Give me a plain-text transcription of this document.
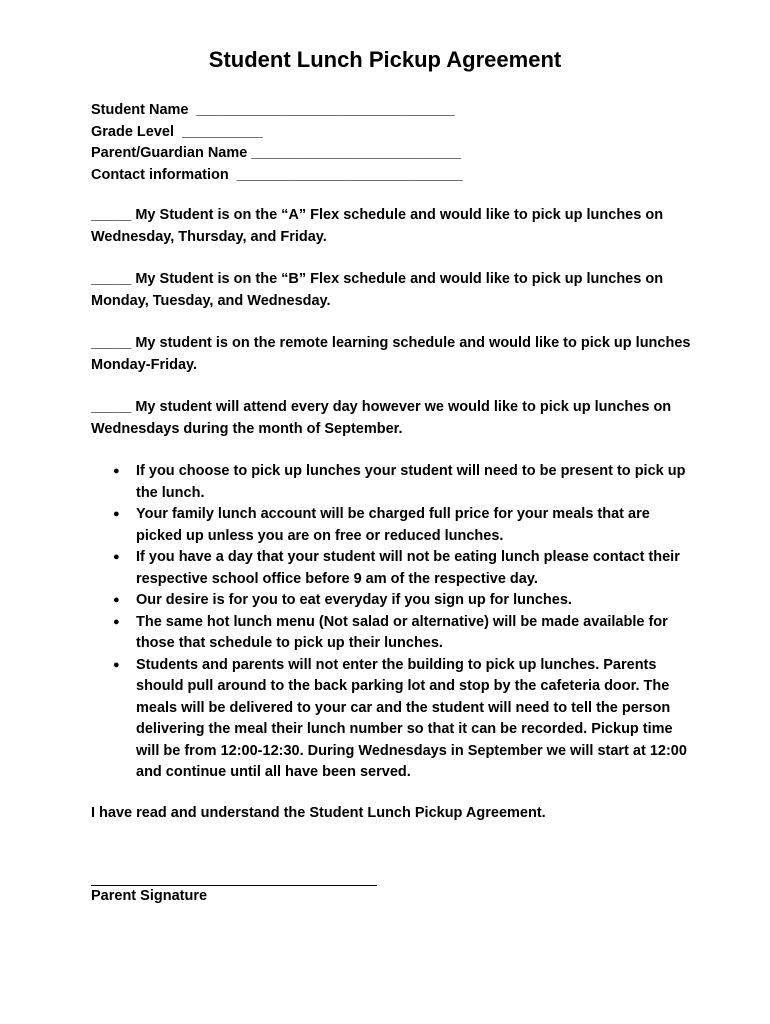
Student Lunch Pickup Agreement
Student Name  ________________________________
Grade Level  __________
Parent/Guardian Name __________________________
Contact information  ____________________________
_____ My Student is on the “A” Flex schedule and would like to pick up lunches on Wednesday, Thursday, and Friday.
_____ My Student is on the “B” Flex schedule and would like to pick up lunches on Monday, Tuesday, and Wednesday.
_____ My student is on the remote learning schedule and would like to pick up lunches Monday-Friday.
_____ My student will attend every day however we would like to pick up lunches on Wednesdays during the month of September.
● If you choose to pick up lunches your student will need to be present to pick up the lunch.
● Your family lunch account will be charged full price for your meals that are picked up unless you are on free or reduced lunches.
● If you have a day that your student will not be eating lunch please contact their respective school office before 9 am of the respective day.
● Our desire is for you to eat everyday if you sign up for lunches.
● The same hot lunch menu (Not salad or alternative) will be made available for those that schedule to pick up their lunches.
● Students and parents will not enter the building to pick up lunches. Parents should pull around to the back parking lot and stop by the cafeteria door. The meals will be delivered to your car and the student will need to tell the person delivering the meal their lunch number so that it can be recorded. Pickup time will be from 12:00-12:30. During Wednesdays in September we will start at 12:00 and continue until all have been served.
I have read and understand the Student Lunch Pickup Agreement.
Parent Signature
